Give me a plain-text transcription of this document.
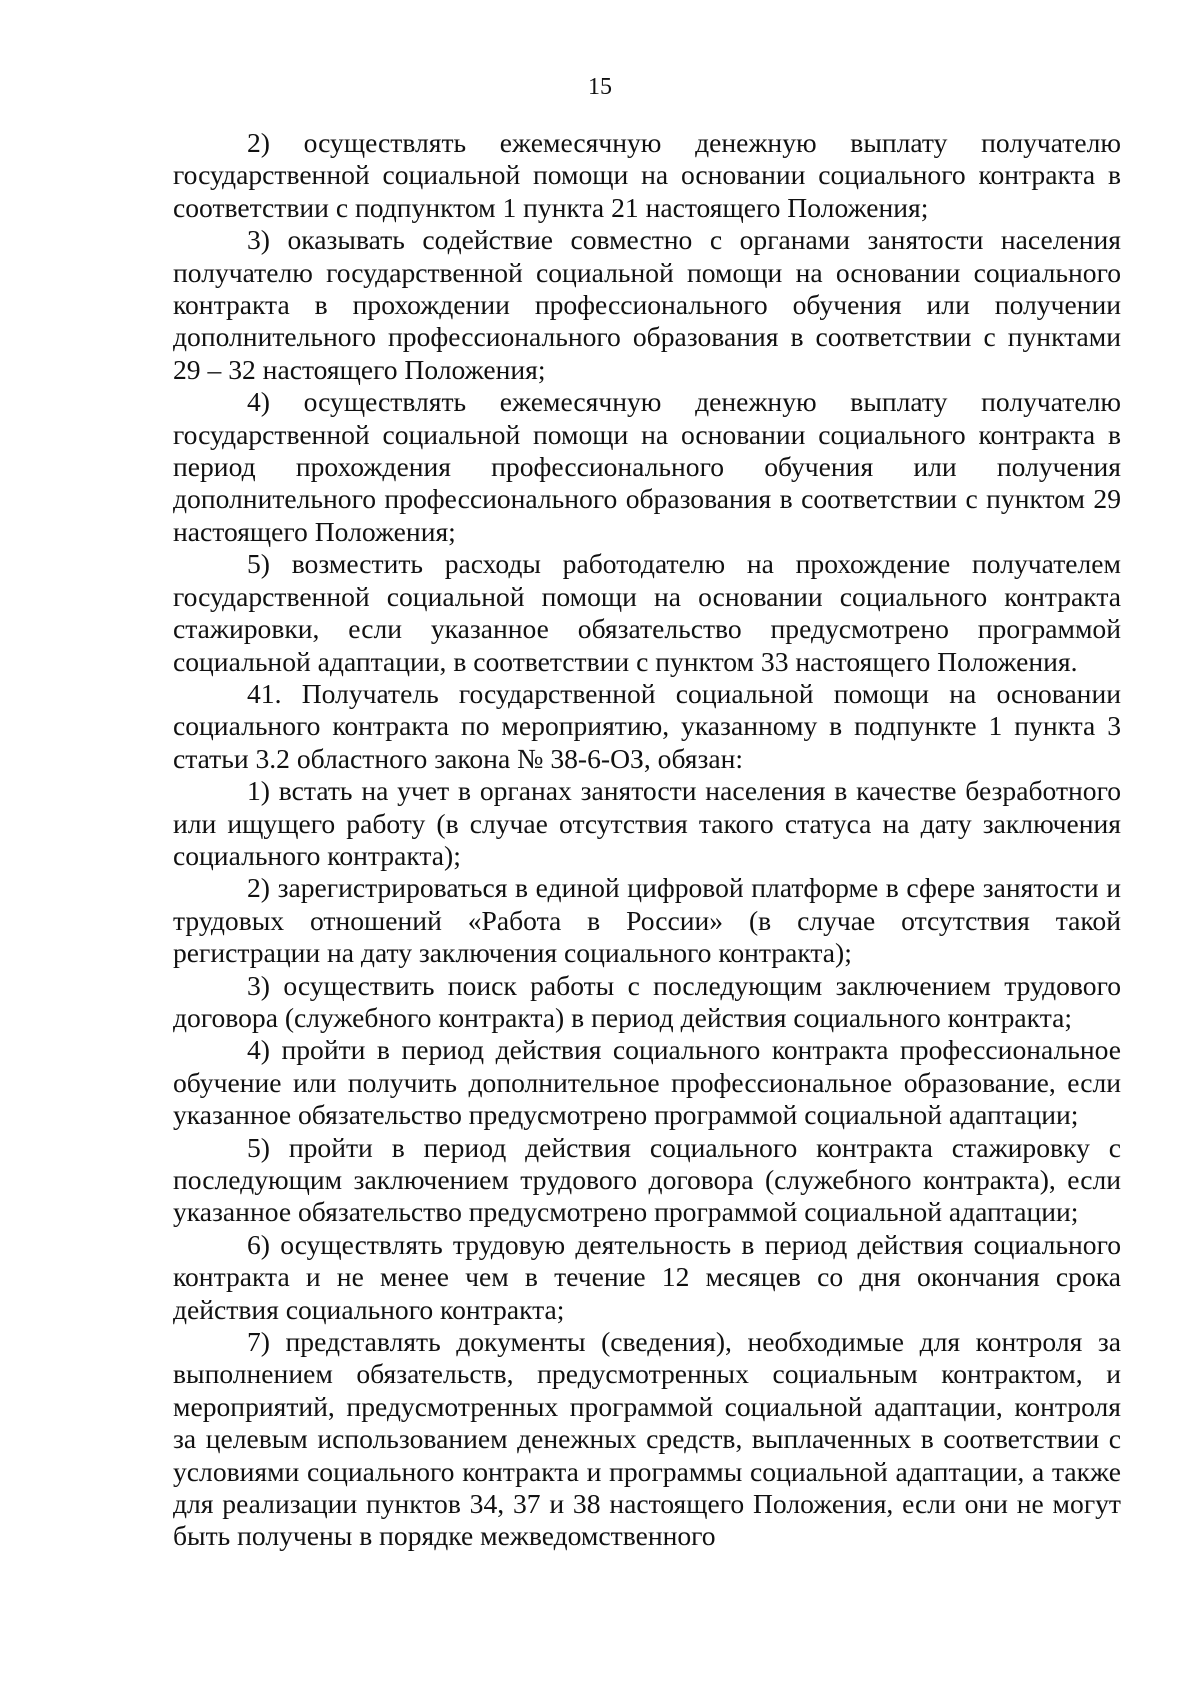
15

2) осуществлять ежемесячную денежную выплату получателю государственной социальной помощи на основании социального контракта в соответствии с подпунктом 1 пункта 21 настоящего Положения;

3) оказывать содействие совместно с органами занятости населения получателю государственной социальной помощи на основании социального контракта в прохождении профессионального обучения или получении дополнительного профессионального образования в соответствии с пунктами 29 – 32 настоящего Положения;

4) осуществлять ежемесячную денежную выплату получателю государственной социальной помощи на основании социального контракта в период прохождения профессионального обучения или получения дополнительного профессионального образования в соответствии с пунктом 29 настоящего Положения;

5) возместить расходы работодателю на прохождение получателем государственной социальной помощи на основании социального контракта стажировки, если указанное обязательство предусмотрено программой социальной адаптации, в соответствии с пунктом 33 настоящего Положения.

41. Получатель государственной социальной помощи на основании социального контракта по мероприятию, указанному в подпункте 1 пункта 3 статьи 3.2 областного закона № 38-6-ОЗ, обязан:

1) встать на учет в органах занятости населения в качестве безработного или ищущего работу (в случае отсутствия такого статуса на дату заключения социального контракта);

2) зарегистрироваться в единой цифровой платформе в сфере занятости и трудовых отношений «Работа в России» (в случае отсутствия такой регистрации на дату заключения социального контракта);

3) осуществить поиск работы с последующим заключением трудового договора (служебного контракта) в период действия социального контракта;

4) пройти в период действия социального контракта профессиональное обучение или получить дополнительное профессиональное образование, если указанное обязательство предусмотрено программой социальной адаптации;

5) пройти в период действия социального контракта стажировку с последующим заключением трудового договора (служебного контракта), если указанное обязательство предусмотрено программой социальной адаптации;

6) осуществлять трудовую деятельность в период действия социального контракта и не менее чем в течение 12 месяцев со дня окончания срока действия социального контракта;

7) представлять документы (сведения), необходимые для контроля за выполнением обязательств, предусмотренных социальным контрактом, и мероприятий, предусмотренных программой социальной адаптации, контроля за целевым использованием денежных средств, выплаченных в соответствии с условиями социального контракта и программы социальной адаптации, а также для реализации пунктов 34, 37 и 38 настоящего Положения, если они не могут быть получены в порядке межведомственного
